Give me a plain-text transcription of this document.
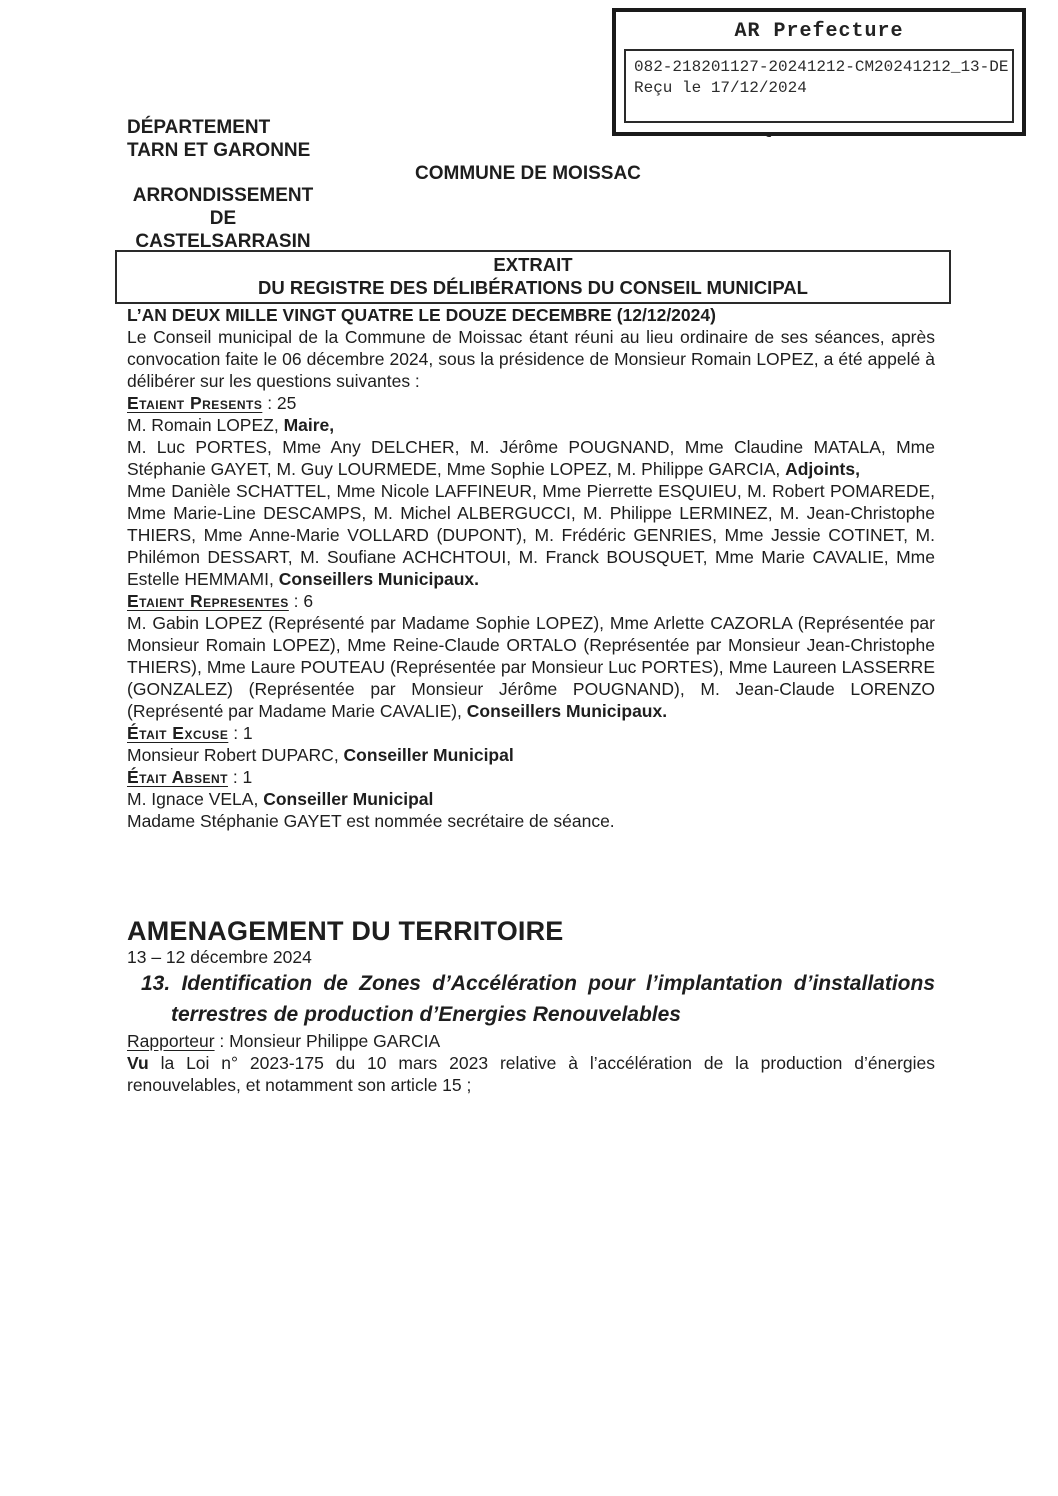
AR Prefecture
082-218201127-20241212-CM20241212_13-DE
Reçu le 17/12/2024
DÉPARTEMENT
TARN ET GARONNE
COMMUNE DE MOISSAC
ARRONDISSEMENT
DE
CASTELSARRASIN
EXTRAIT
DU REGISTRE DES DÉLIBÉRATIONS DU CONSEIL MUNICIPAL

L’AN DEUX MILLE VINGT QUATRE LE DOUZE DECEMBRE (12/12/2024)

Le Conseil municipal de la Commune de Moissac étant réuni au lieu ordinaire de ses séances, après convocation faite le 06 décembre 2024, sous la présidence de Monsieur Romain LOPEZ, a été appelé à délibérer sur les questions suivantes :

Etaient Presents : 25

M. Romain LOPEZ, Maire,

M. Luc PORTES, Mme Any DELCHER, M. Jérôme POUGNAND, Mme Claudine MATALA, Mme Stéphanie GAYET, M. Guy LOURMEDE, Mme Sophie LOPEZ, M. Philippe GARCIA, Adjoints,

Mme Danièle SCHATTEL, Mme Nicole LAFFINEUR, Mme Pierrette ESQUIEU, M. Robert POMAREDE, Mme Marie-Line DESCAMPS, M. Michel ALBERGUCCI, M. Philippe LERMINEZ, M. Jean-Christophe THIERS, Mme Anne-Marie VOLLARD (DUPONT), M. Frédéric GENRIES, Mme Jessie COTINET, M. Philémon DESSART, M. Soufiane ACHCHTOUI, M. Franck BOUSQUET, Mme Marie CAVALIE, Mme Estelle HEMMAMI, Conseillers Municipaux.

Etaient Representes : 6

M. Gabin LOPEZ (Représenté par Madame Sophie LOPEZ), Mme Arlette CAZORLA (Représentée par Monsieur Romain LOPEZ), Mme Reine-Claude ORTALO (Représentée par Monsieur Jean-Christophe THIERS), Mme Laure POUTEAU (Représentée par Monsieur Luc PORTES), Mme Laureen LASSERRE (GONZALEZ) (Représentée par Monsieur Jérôme POUGNAND), M. Jean-Claude LORENZO (Représenté par Madame Marie CAVALIE), Conseillers Municipaux.

Était Excuse : 1

Monsieur Robert DUPARC, Conseiller Municipal

Était Absent : 1

M. Ignace VELA, Conseiller Municipal

Madame Stéphanie GAYET est nommée secrétaire de séance.

AMENAGEMENT DU TERRITOIRE

13 – 12 décembre 2024

13. Identification de Zones d’Accélération pour l’implantation d’installations terrestres de production d’Energies Renouvelables

Rapporteur : Monsieur Philippe GARCIA

Vu la Loi n° 2023-175 du 10 mars 2023 relative à l’accélération de la production d’énergies renouvelables, et notamment son article 15 ;
